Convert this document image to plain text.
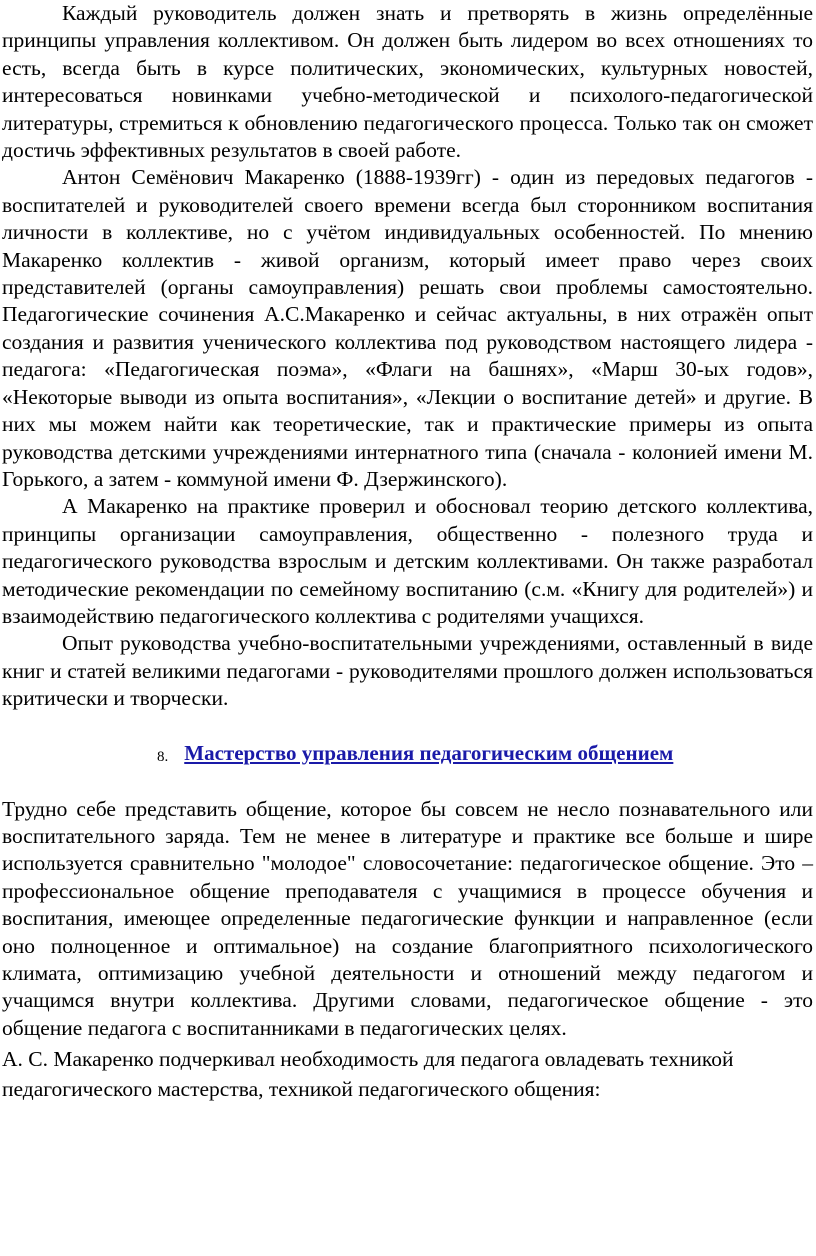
Каждый руководитель должен знать и претворять в жизнь определённые принципы управления коллективом. Он должен быть лидером во всех отношениях то есть, всегда быть в курсе политических, экономических, культурных новостей, интересоваться новинками учебно-методической и психолого-педагогической литературы, стремиться к обновлению педагогического процесса. Только так он сможет достичь эффективных результатов в своей работе.

Антон Семёнович Макаренко (1888-1939гг) - один из передовых педагогов - воспитателей и руководителей своего времени всегда был сторонником воспитания личности в коллективе, но с учётом индивидуальных особенностей. По мнению Макаренко коллектив - живой организм, который имеет право через своих представителей (органы самоуправления) решать свои проблемы самостоятельно. Педагогические сочинения А.С.Макаренко и сейчас актуальны, в них отражён опыт создания и развития ученического коллектива под руководством настоящего лидера - педагога: «Педагогическая поэма», «Флаги на башнях», «Марш 30-ых годов», «Некоторые выводи из опыта воспитания», «Лекции о воспитание детей» и другие. В них мы можем найти как теоретические, так и практические примеры из опыта руководства детскими учреждениями интернатного типа (сначала - колонией имени М. Горького, а затем - коммуной имени Ф. Дзержинского).

А Макаренко на практике проверил и обосновал теорию детского коллектива, принципы организации самоуправления, общественно - полезного труда и педагогического руководства взрослым и детским коллективами. Он также разработал методические рекомендации по семейному воспитанию (с.м. «Книгу для родителей») и взаимодействию педагогического коллектива с родителями учащихся.

Опыт руководства учебно-воспитательными учреждениями, оставленный в виде книг и статей великими педагогами - руководителями прошлого должен использоваться критически и творчески.

8. Мастерство управления педагогическим общением

Трудно себе представить общение, которое бы совсем не несло познавательного или воспитательного заряда. Тем не менее в литературе и практике все больше и шире используется сравнительно "молодое" словосочетание: педагогическое общение. Это – профессиональное общение преподавателя с учащимися в процессе обучения и воспитания, имеющее определенные педагогические функции и направленное (если оно полноценное и оптимальное) на создание благоприятного психологического климата, оптимизацию учебной деятельности и отношений между педагогом и учащимся внутри коллектива. Другими словами, педагогическое общение - это общение педагога с воспитанниками в педагогических целях.

А. С. Макаренко подчеркивал необходимость для педагога овладевать техникой педагогического мастерства, техникой педагогического общения:
